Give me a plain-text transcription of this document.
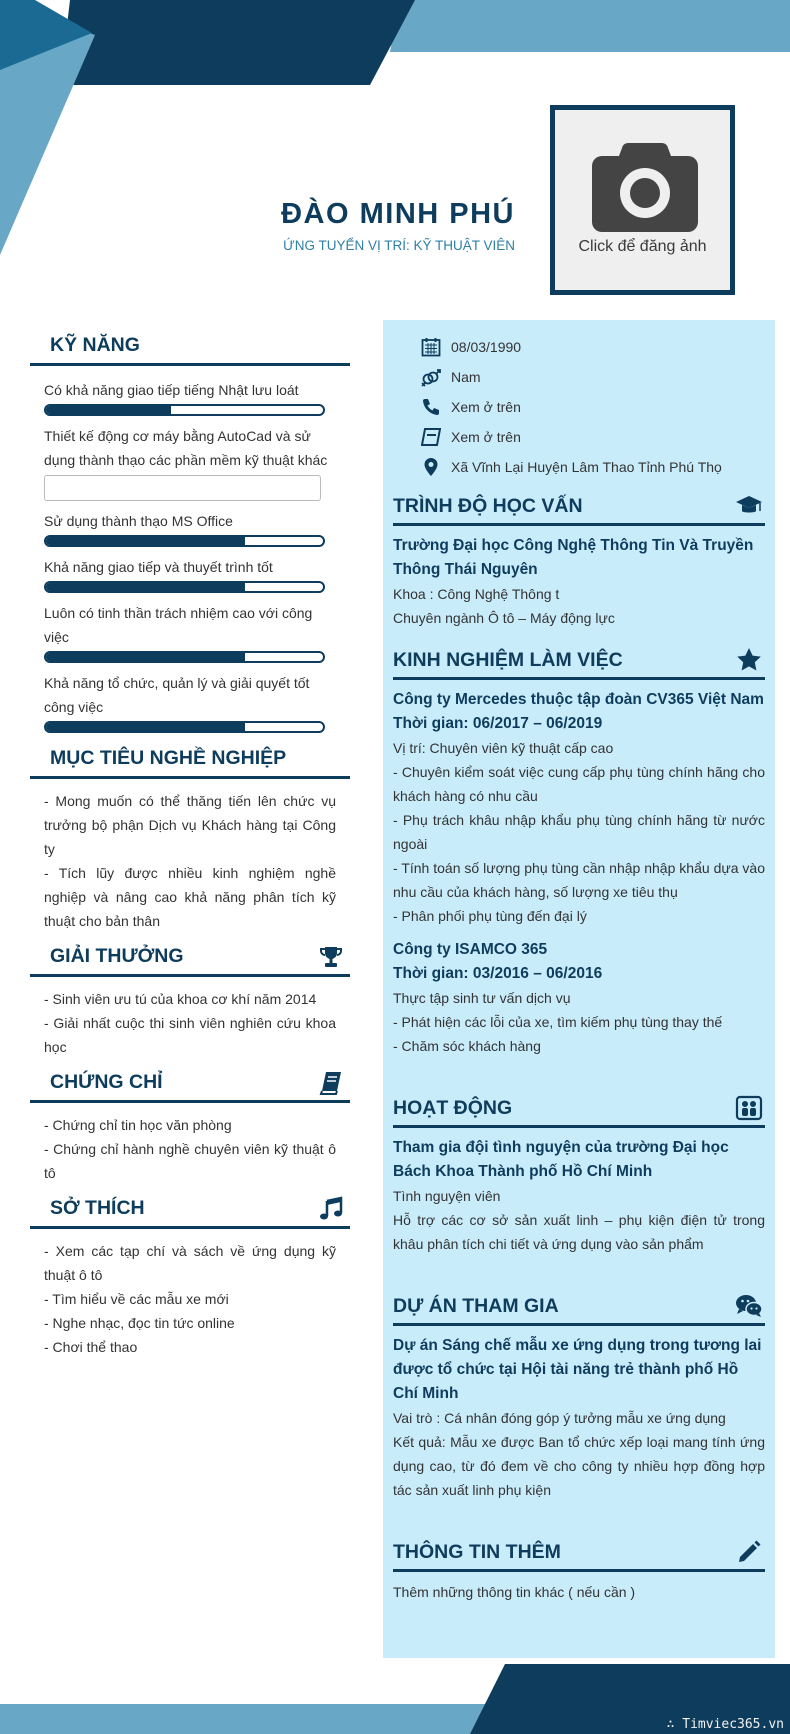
ĐÀO MINH PHÚ
ỨNG TUYỂN VỊ TRÍ: KỸ THUẬT VIÊN	Click để đăng ảnh
KỸ NĂNG
Có khả năng giao tiếp tiếng Nhật lưu loát
Thiết kế động cơ máy bằng AutoCad và sử dụng thành thạo các phần mềm kỹ thuật khác
Sử dụng thành thạo MS Office
Khả năng giao tiếp và thuyết trình tốt
Luôn có tinh thần trách nhiệm cao với công việc
Khả năng tổ chức, quản lý và giải quyết tốt công việc
MỤC TIÊU NGHỀ NGHIỆP
- Mong muốn có thể thăng tiến lên chức vụ trưởng bộ phận Dịch vụ Khách hàng tại Công ty
- Tích lũy được nhiều kinh nghiệm nghề nghiệp và nâng cao khả năng phân tích kỹ thuật cho bản thân
GIẢI THƯỞNG
- Sinh viên ưu tú của khoa cơ khí năm 2014
- Giải nhất cuộc thi sinh viên nghiên cứu khoa học
CHỨNG CHỈ
- Chứng chỉ tin học văn phòng
- Chứng chỉ hành nghề chuyên viên kỹ thuật ô tô
SỞ THÍCH
- Xem các tạp chí và sách về ứng dụng kỹ thuật ô tô
- Tìm hiểu về các mẫu xe mới
- Nghe nhạc, đọc tin tức online
- Chơi thể thao
08/03/1990
Nam
Xem ở trên
Xem ở trên
Xã Vĩnh Lại Huyện Lâm Thao Tỉnh Phú Thọ
TRÌNH ĐỘ HỌC VẤN
Trường Đại học Công Nghệ Thông Tin Và Truyền Thông Thái Nguyên
Khoa : Công Nghệ Thông t
Chuyên ngành Ô tô – Máy động lực
KINH NGHIỆM LÀM VIỆC
Công ty Mercedes thuộc tập đoàn CV365 Việt Nam
Thời gian: 06/2017 – 06/2019
Vị trí: Chuyên viên kỹ thuật cấp cao
- Chuyên kiểm soát việc cung cấp phụ tùng chính hãng cho khách hàng có nhu cầu
- Phụ trách khâu nhập khẩu phụ tùng chính hãng từ nước ngoài
- Tính toán số lượng phụ tùng cần nhập nhập khẩu dựa vào nhu cầu của khách hàng, số lượng xe tiêu thụ
- Phân phối phụ tùng đến đại lý
Công ty ISAMCO 365
Thời gian: 03/2016 – 06/2016
Thực tập sinh tư vấn dịch vụ
- Phát hiện các lỗi của xe, tìm kiếm phụ tùng thay thế
- Chăm sóc khách hàng
HOẠT ĐỘNG
Tham gia đội tình nguyện của trường Đại học Bách Khoa Thành phố Hồ Chí Minh
Tình nguyện viên
Hỗ trợ các cơ sở sản xuất linh – phụ kiện điện tử trong khâu phân tích chi tiết và ứng dụng vào sản phẩm
DỰ ÁN THAM GIA
Dự án Sáng chế mẫu xe ứng dụng trong tương lai được tổ chức tại Hội tài năng trẻ thành phố Hồ Chí Minh
Vai trò : Cá nhân đóng góp ý tưởng mẫu xe ứng dụng
Kết quả: Mẫu xe được Ban tổ chức xếp loại mang tính ứng dụng cao, từ đó đem về cho công ty nhiều hợp đồng hợp tác sản xuất linh phụ kiện
THÔNG TIN THÊM
Thêm những thông tin khác ( nếu cần )
∴ Timviec365.vn
